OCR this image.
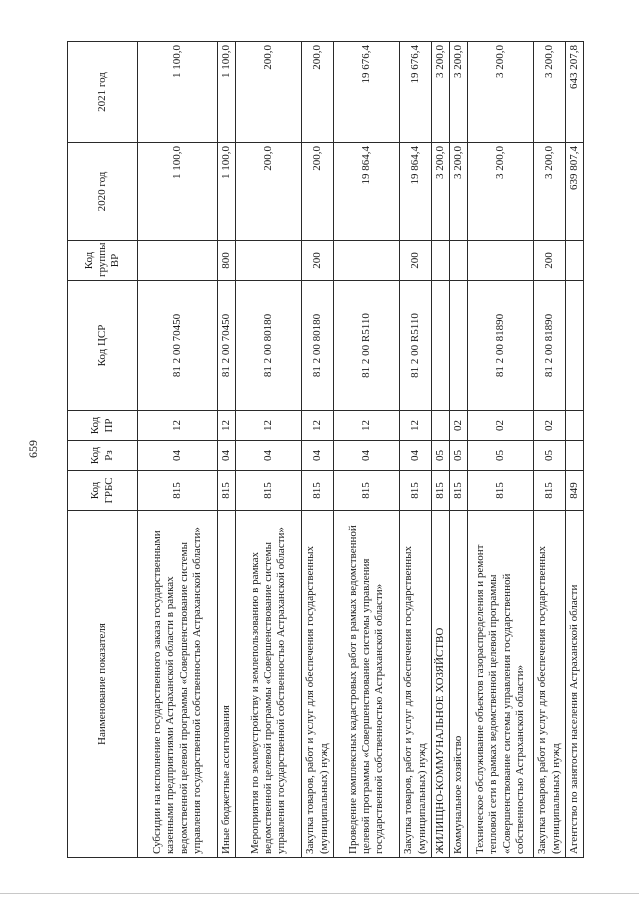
659
Наименование показателя	Код ГРБС	Код Рз	Код ПР	Код ЦСР	Код группы ВР	2020 год	2021 год
Субсидии на исполнение государственного заказа государственными казенными предприятиями Астраханской области в рамках ведомственной целевой программы «Совершенствование системы управления государственной собственностью Астраханской области»	815	04	12	81 2 00 70450		1 100,0	1 100,0
Иные бюджетные ассигнования	815	04	12	81 2 00 70450	800	1 100,0	1 100,0
Мероприятия по землеустройству и землепользованию в рамках ведомственной целевой программы «Совершенствование системы управления государственной собственностью Астраханской области»	815	04	12	81 2 00 80180		200,0	200,0
Закупка товаров, работ и услуг для обеспечения государственных (муниципальных) нужд	815	04	12	81 2 00 80180	200	200,0	200,0
Проведение комплексных кадастровых работ в рамках ведомственной целевой программы «Совершенствование системы управления государственной собственностью Астраханской области»	815	04	12	81 2 00 R5110		19 864,4	19 676,4
Закупка товаров, работ и услуг для обеспечения государственных (муниципальных) нужд	815	04	12	81 2 00 R5110	200	19 864,4	19 676,4
ЖИЛИЩНО-КОММУНАЛЬНОЕ ХОЗЯЙСТВО	815	05				3 200,0	3 200,0
Коммунальное хозяйство	815	05	02			3 200,0	3 200,0
Техническое обслуживание объектов газораспределения и ремонт тепловой сети в рамках ведомственной целевой программы «Совершенствование системы управления государственной собственностью Астраханской области»	815	05	02	81 2 00 81890		3 200,0	3 200,0
Закупка товаров, работ и услуг для обеспечения государственных (муниципальных) нужд	815	05	02	81 2 00 81890	200	3 200,0	3 200,0
Агентство по занятости населения Астраханской области	849					639 807,4	643 207,8
